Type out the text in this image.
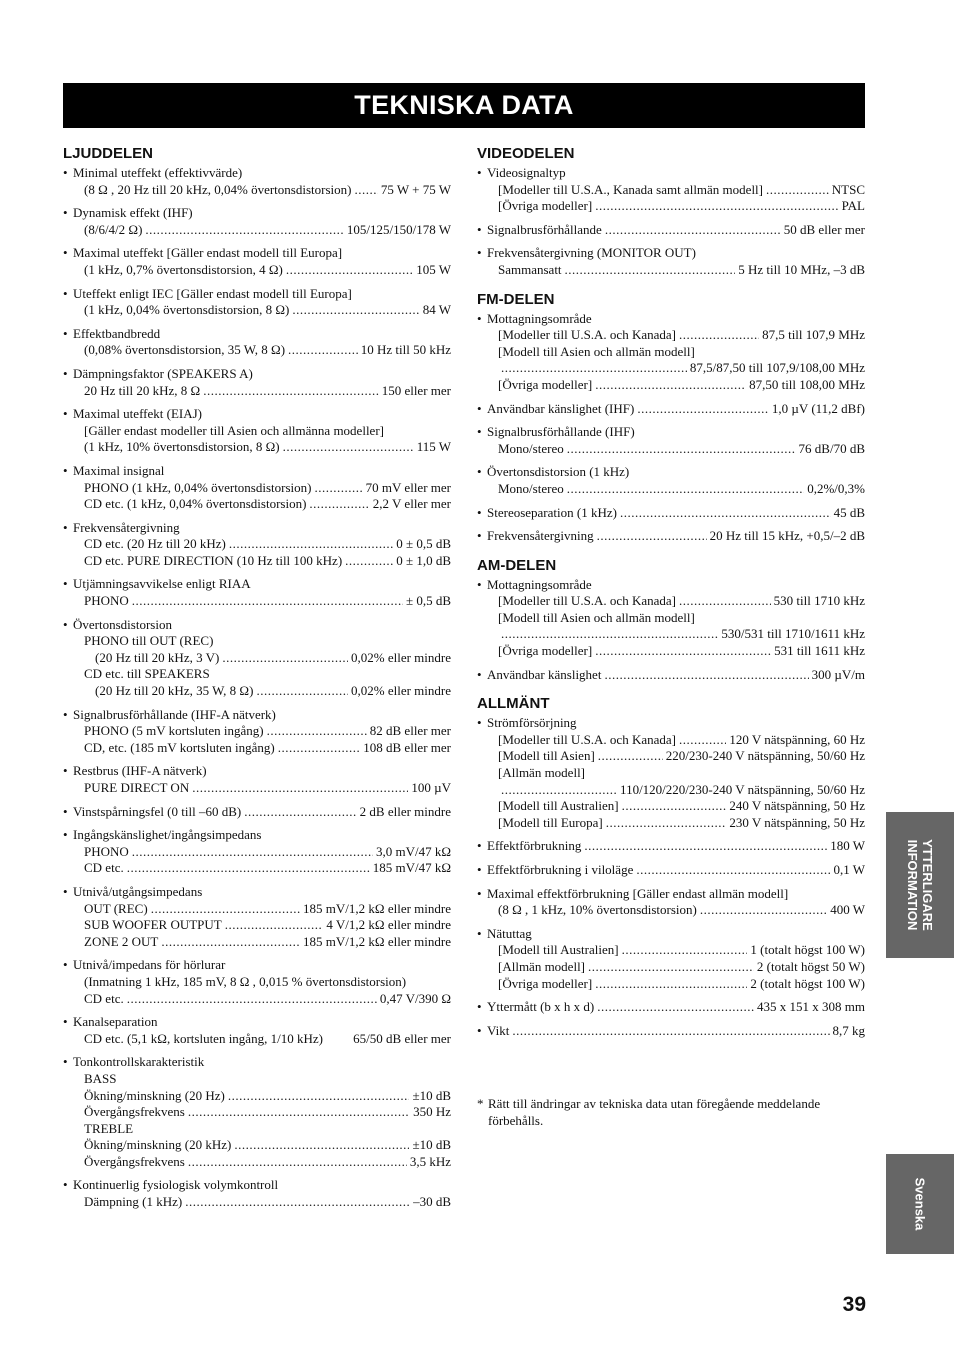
TEKNISKA DATA
LJUDDELEN
• Minimal uteffekt (effektivvärde)
(8 Ω , 20 Hz till 20 kHz, 0,04% övertonsdistorsion) ..... 75 W + 75 W
• Dynamisk effekt (IHF)
(8/6/4/2 Ω) .....	105/125/150/178 W
• Maximal uteffekt [Gäller endast modell till Europa]
(1 kHz, 0,7% övertonsdistorsion, 4 Ω) .....	105 W
• Uteffekt enligt IEC [Gäller endast modell till Europa]
(1 kHz, 0,04% övertonsdistorsion, 8 Ω) .....	84 W
• Effektbandbredd
(0,08% övertonsdistorsion, 35 W, 8 Ω) .....	10 Hz till 50 kHz
• Dämpningsfaktor (SPEAKERS A)
20 Hz till 20 kHz, 8 Ω .....	150 eller mer
• Maximal uteffekt (EIAJ)
[Gäller endast modeller till Asien och allmänna modeller]
(1 kHz, 10% övertonsdistorsion, 8 Ω) .....	115 W
• Maximal insignal
PHONO (1 kHz, 0,04% övertonsdistorsion) .....	70 mV eller mer
CD etc. (1 kHz, 0,04% övertonsdistorsion) .....	2,2 V eller mer
• Frekvensåtergivning
CD etc. (20 Hz till 20 kHz) .....	0 ± 0,5 dB
CD etc. PURE DIRECTION (10 Hz till 100 kHz) .....	0 ± 1,0 dB
• Utjämningsavvikelse enligt RIAA
PHONO .....	± 0,5 dB
• Övertonsdistorsion
PHONO till OUT (REC)
(20 Hz till 20 kHz, 3 V) .....	0,02% eller mindre
CD etc. till SPEAKERS
(20 Hz till 20 kHz, 35 W, 8 Ω) .....	0,02% eller mindre
• Signalbrusförhållande (IHF-A nätverk)
PHONO (5 mV kortsluten ingång) .....	82 dB eller mer
CD, etc. (185 mV kortsluten ingång) .....	108 dB eller mer
• Restbrus (IHF-A nätverk)
PURE DIRECT ON .....	100 µV
• Vinstspårningsfel (0 till –60 dB) .....	2 dB eller mindre
• Ingångskänslighet/ingångsimpedans
PHONO .....	3,0 mV/47 kΩ
CD etc. .....	185 mV/47 kΩ
• Utnivå/utgångsimpedans
OUT (REC) .....	185 mV/1,2 kΩ eller mindre
SUB WOOFER OUTPUT .....	4 V/1,2 kΩ eller mindre
ZONE 2 OUT .....	185 mV/1,2 kΩ eller mindre
• Utnivå/impedans för hörlurar
(Inmatning 1 kHz, 185 mV, 8 Ω , 0,015 % övertonsdistorsion)
CD etc. .....	0,47 V/390 Ω
• Kanalseparation
CD etc. (5,1 kΩ, kortsluten ingång, 1/10 kHz) 65/50 dB eller mer
• Tonkontrollskarakteristik
BASS
Ökning/minskning (20 Hz) .....	±10 dB
Övergångsfrekvens .....	350 Hz
TREBLE
Ökning/minskning (20 kHz) .....	±10 dB
Övergångsfrekvens .....	3,5 kHz
• Kontinuerlig fysiologisk volymkontroll
Dämpning (1 kHz) .....	–30 dB
VIDEODELEN
• Videosignaltyp
[Modeller till U.S.A., Kanada samt allmän modell] .....	NTSC
[Övriga modeller] .....	PAL
• Signalbrusförhållande .....	50 dB eller mer
• Frekvensåtergivning (MONITOR OUT)
Sammansatt .....	5 Hz till 10 MHz, –3 dB
FM-DELEN
• Mottagningsområde
[Modeller till U.S.A. och Kanada] .....	87,5 till 107,9 MHz
[Modell till Asien och allmän modell]
.....
87,5/87,50 till 107,9/108,00 MHz
[Övriga modeller] .....	87,50 till 108,00 MHz
• Användbar känslighet (IHF) .....	1,0 µV (11,2 dBf)
• Signalbrusförhållande (IHF)
Mono/stereo .....	76 dB/70 dB
• Övertonsdistorsion (1 kHz)
Mono/stereo .....	0,2%/0,3%
• Stereoseparation (1 kHz) .....	45 dB
• Frekvensåtergivning .....	20 Hz till 15 kHz, +0,5/–2 dB
AM-DELEN
• Mottagningsområde
[Modeller till U.S.A. och Kanada] .....	530 till 1710 kHz
[Modell till Asien och allmän modell]
.....
530/531 till 1710/1611 kHz
[Övriga modeller] .....	531 till 1611 kHz
• Användbar känslighet .....	300 µV/m
ALLMÄNT
• Strömförsörjning
[Modeller till U.S.A. och Kanada] .....	120 V nätspänning, 60 Hz
[Modell till Asien] .....	220/230-240 V nätspänning, 50/60 Hz
[Allmän modell]
.....
110/120/220/230-240 V nätspänning, 50/60 Hz
[Modell till Australien] .....	240 V nätspänning, 50 Hz
[Modell till Europa] .....	230 V nätspänning, 50 Hz
• Effektförbrukning .....	180 W
• Effektförbrukning i viloläge .....	0,1 W
• Maximal effektförbrukning [Gäller endast allmän modell]
(8 Ω , 1 kHz, 10% övertonsdistorsion) .....	400 W
• Nätuttag
[Modell till Australien] .....	1 (totalt högst 100 W)
[Allmän modell] .....	2 (totalt högst 50 W)
[Övriga modeller] .....	2 (totalt högst 100 W)
• Yttermått (b x h x d) .....	435 x 151 x 308 mm
• Vikt .....	8,7 kg
* Rätt till ändringar av tekniska data utan föregående meddelande
förbehålls.
YTTERLIGARE
INFORMATION
Svenska
39
